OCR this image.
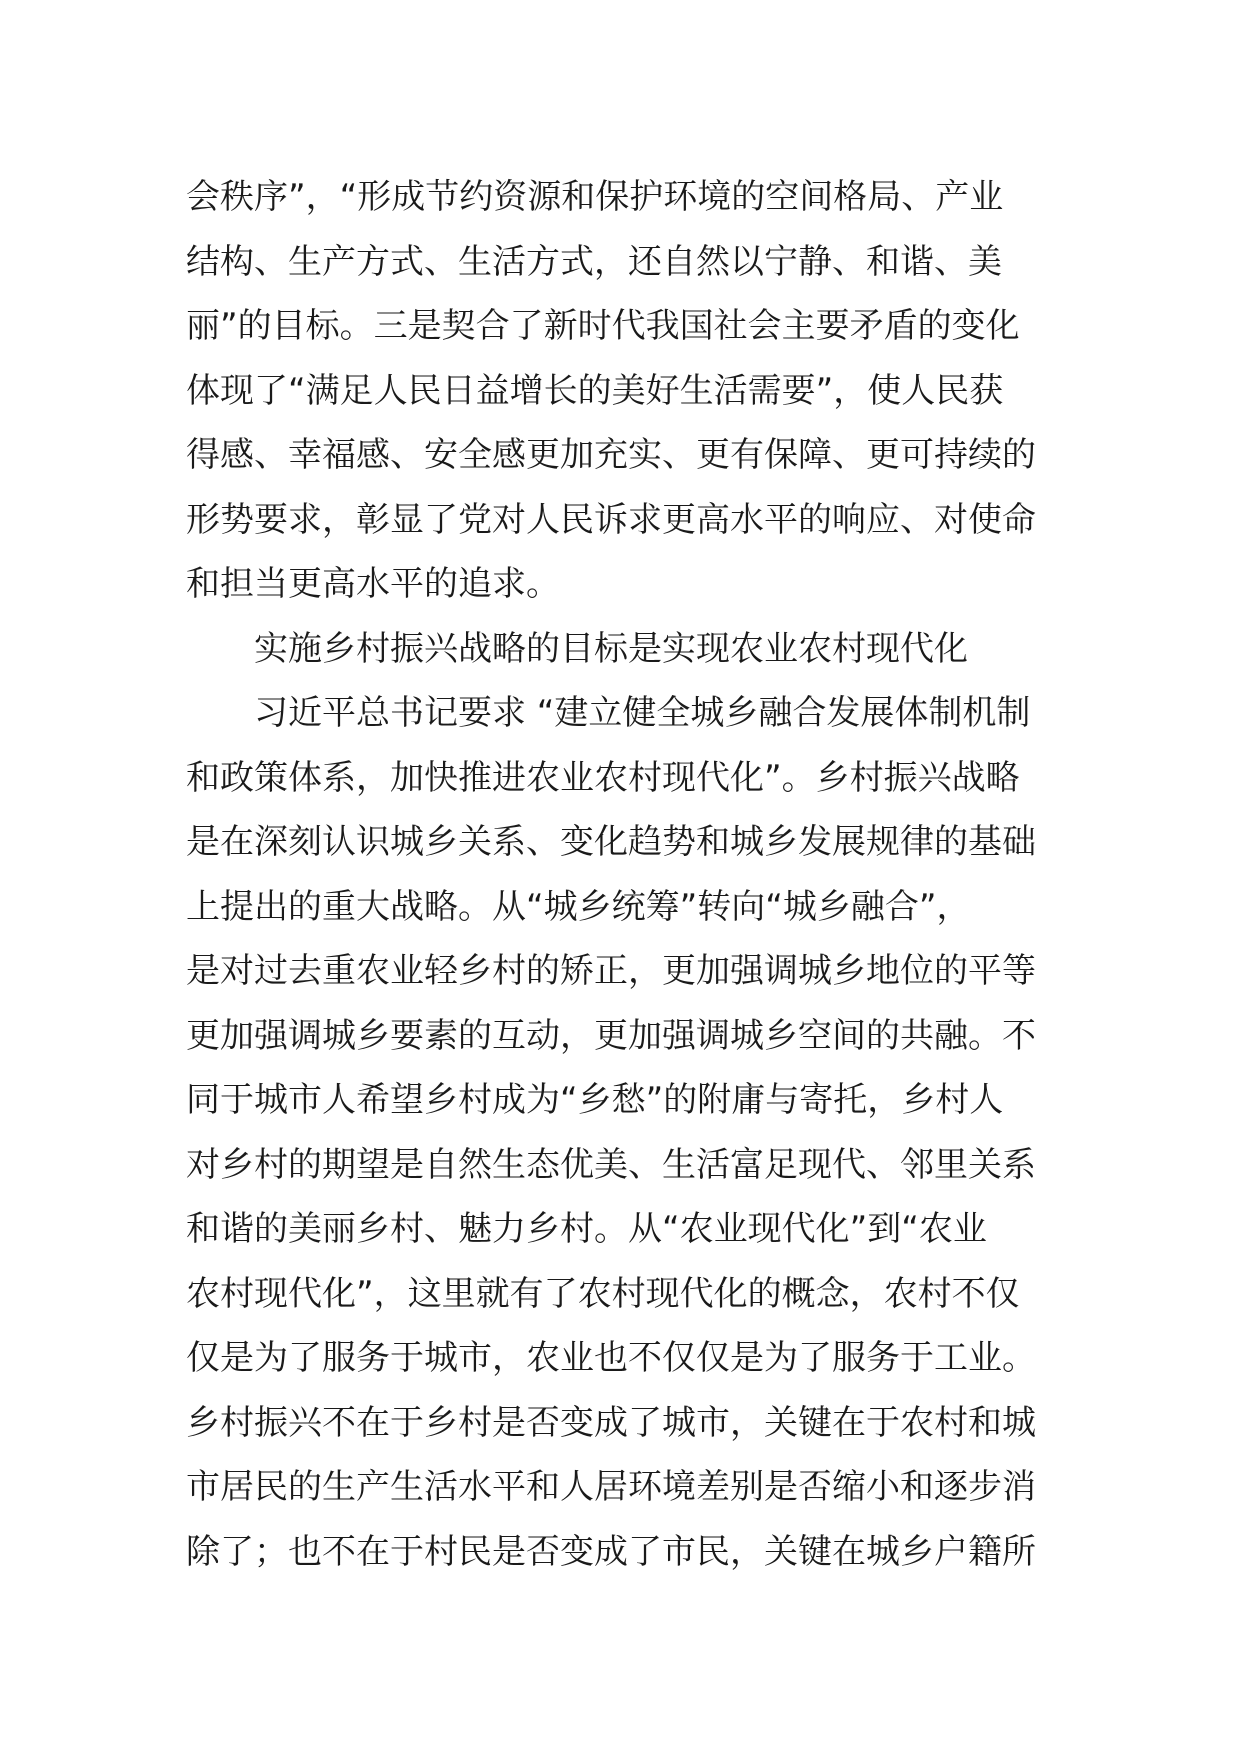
会秩序”，“形成节约资源和保护环境的空间格局、产业
结构、生产方式、生活方式，还自然以宁静、和谐、美
丽”的目标。三是契合了新时代我国社会主要矛盾的变化
体现了“满足人民日益增长的美好生活需要”，使人民获
得感、幸福感、安全感更加充实、更有保障、更可持续的
形势要求，彰显了党对人民诉求更高水平的响应、对使命
和担当更高水平的追求。
实施乡村振兴战略的目标是实现农业农村现代化
习近平总书记要求 “建立健全城乡融合发展体制机制
和政策体系，加快推进农业农村现代化”。乡村振兴战略
是在深刻认识城乡关系、变化趋势和城乡发展规律的基础
上提出的重大战略。从“城乡统筹”转向“城乡融合”，
是对过去重农业轻乡村的矫正，更加强调城乡地位的平等
更加强调城乡要素的互动，更加强调城乡空间的共融。不
同于城市人希望乡村成为“乡愁”的附庸与寄托，乡村人
对乡村的期望是自然生态优美、生活富足现代、邻里关系
和谐的美丽乡村、魅力乡村。从“农业现代化”到“农业
农村现代化”，这里就有了农村现代化的概念，农村不仅
仅是为了服务于城市，农业也不仅仅是为了服务于工业。
乡村振兴不在于乡村是否变成了城市，关键在于农村和城
市居民的生产生活水平和人居环境差别是否缩小和逐步消
除了；也不在于村民是否变成了市民，关键在城乡户籍所
